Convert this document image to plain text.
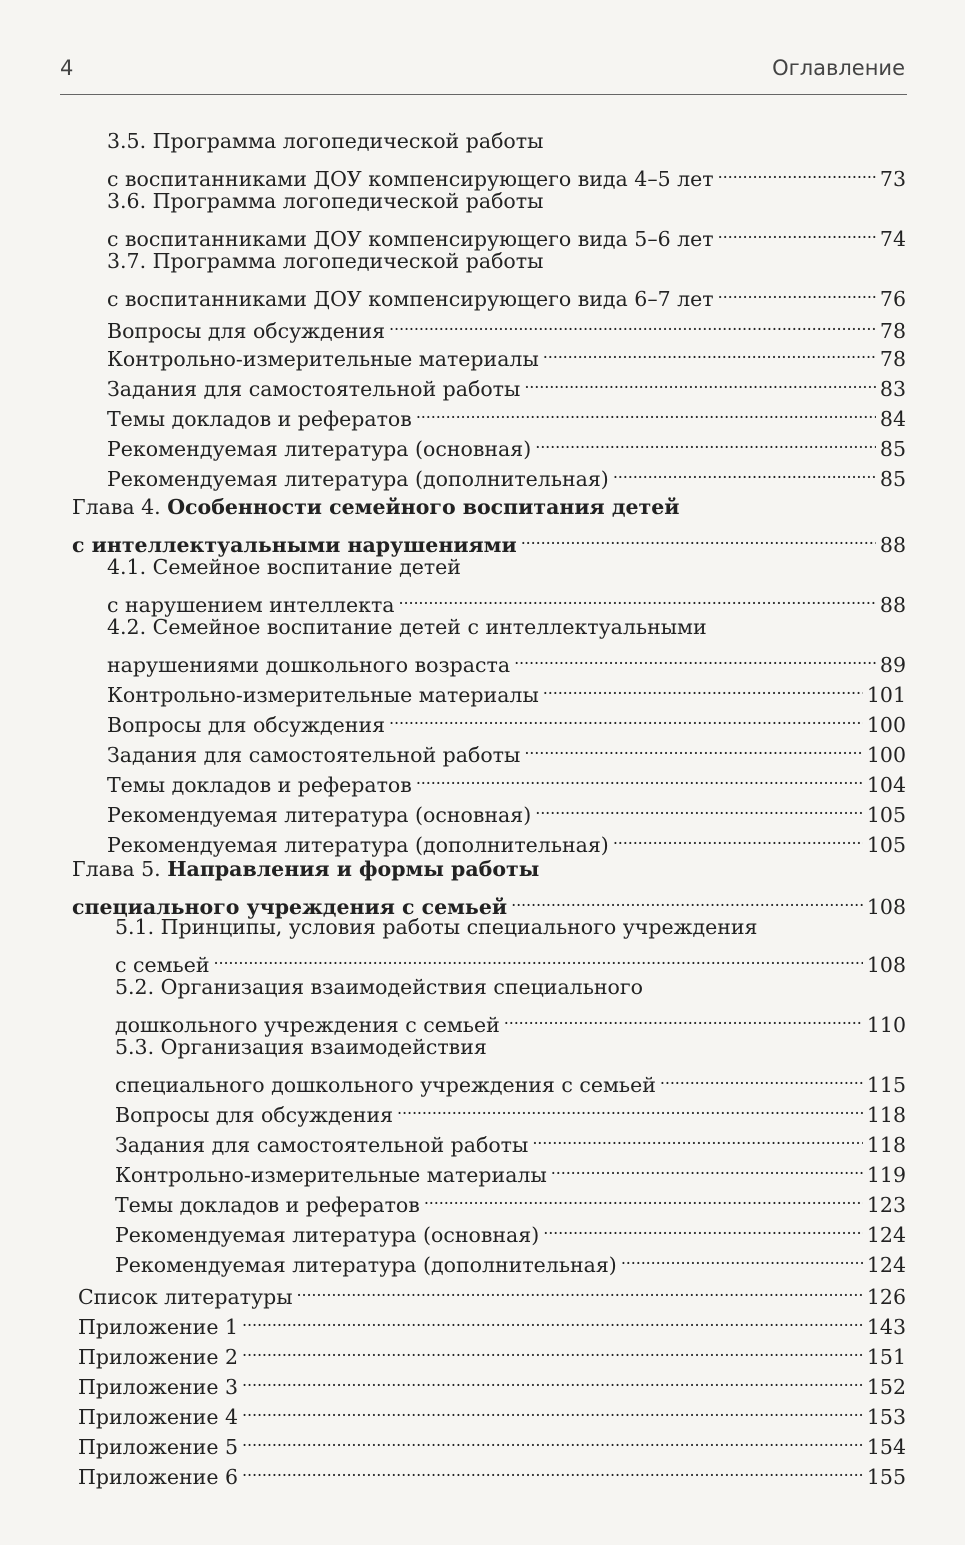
4	Оглавление
3.5. Программа логопедической работы
с воспитанниками ДОУ компенсирующего вида 4–5 лет . . .	73
3.6. Программа логопедической работы
с воспитанниками ДОУ компенсирующего вида 5–6 лет . . .	74
3.7. Программа логопедической работы
с воспитанниками ДОУ компенсирующего вида 6–7 лет . . .	76
Вопросы для обсуждения . . .	78
Контрольно-измерительные материалы . . .	78
Задания для самостоятельной работы . . .	83
Темы докладов и рефератов . . .	84
Рекомендуемая литература (основная) . . .	85
Рекомендуемая литература (дополнительная) . . .	85
Глава 4. Особенности семейного воспитания детей
с интеллектуальными нарушениями . . .	88
4.1. Семейное воспитание детей
с нарушением интеллекта . . .	88
4.2. Семейное воспитание детей с интеллектуальными
нарушениями дошкольного возраста . . .	89
Контрольно-измерительные материалы . . .	101
Вопросы для обсуждения . . .	100
Задания для самостоятельной работы . . .	100
Темы докладов и рефератов . . .	104
Рекомендуемая литература (основная) . . .	105
Рекомендуемая литература (дополнительная) . . .	105
Глава 5. Направления и формы работы
специального учреждения с семьей . . .	108
5.1. Принципы, условия работы специального учреждения
с семьей . . .	108
5.2. Организация взаимодействия специального
дошкольного учреждения с семьей . . .	110
5.3. Организация взаимодействия
специального дошкольного учреждения с семьей . . .	115
Вопросы для обсуждения . . .	118
Задания для самостоятельной работы . . .	118
Контрольно-измерительные материалы . . .	119
Темы докладов и рефератов . . .	123
Рекомендуемая литература (основная) . . .	124
Рекомендуемая литература (дополнительная) . . .	124
Список литературы . . .	126
Приложение 1 . . .	143
Приложение 2 . . .	151
Приложение 3 . . .	152
Приложение 4 . . .	153
Приложение 5 . . .	154
Приложение 6 . . .	155
